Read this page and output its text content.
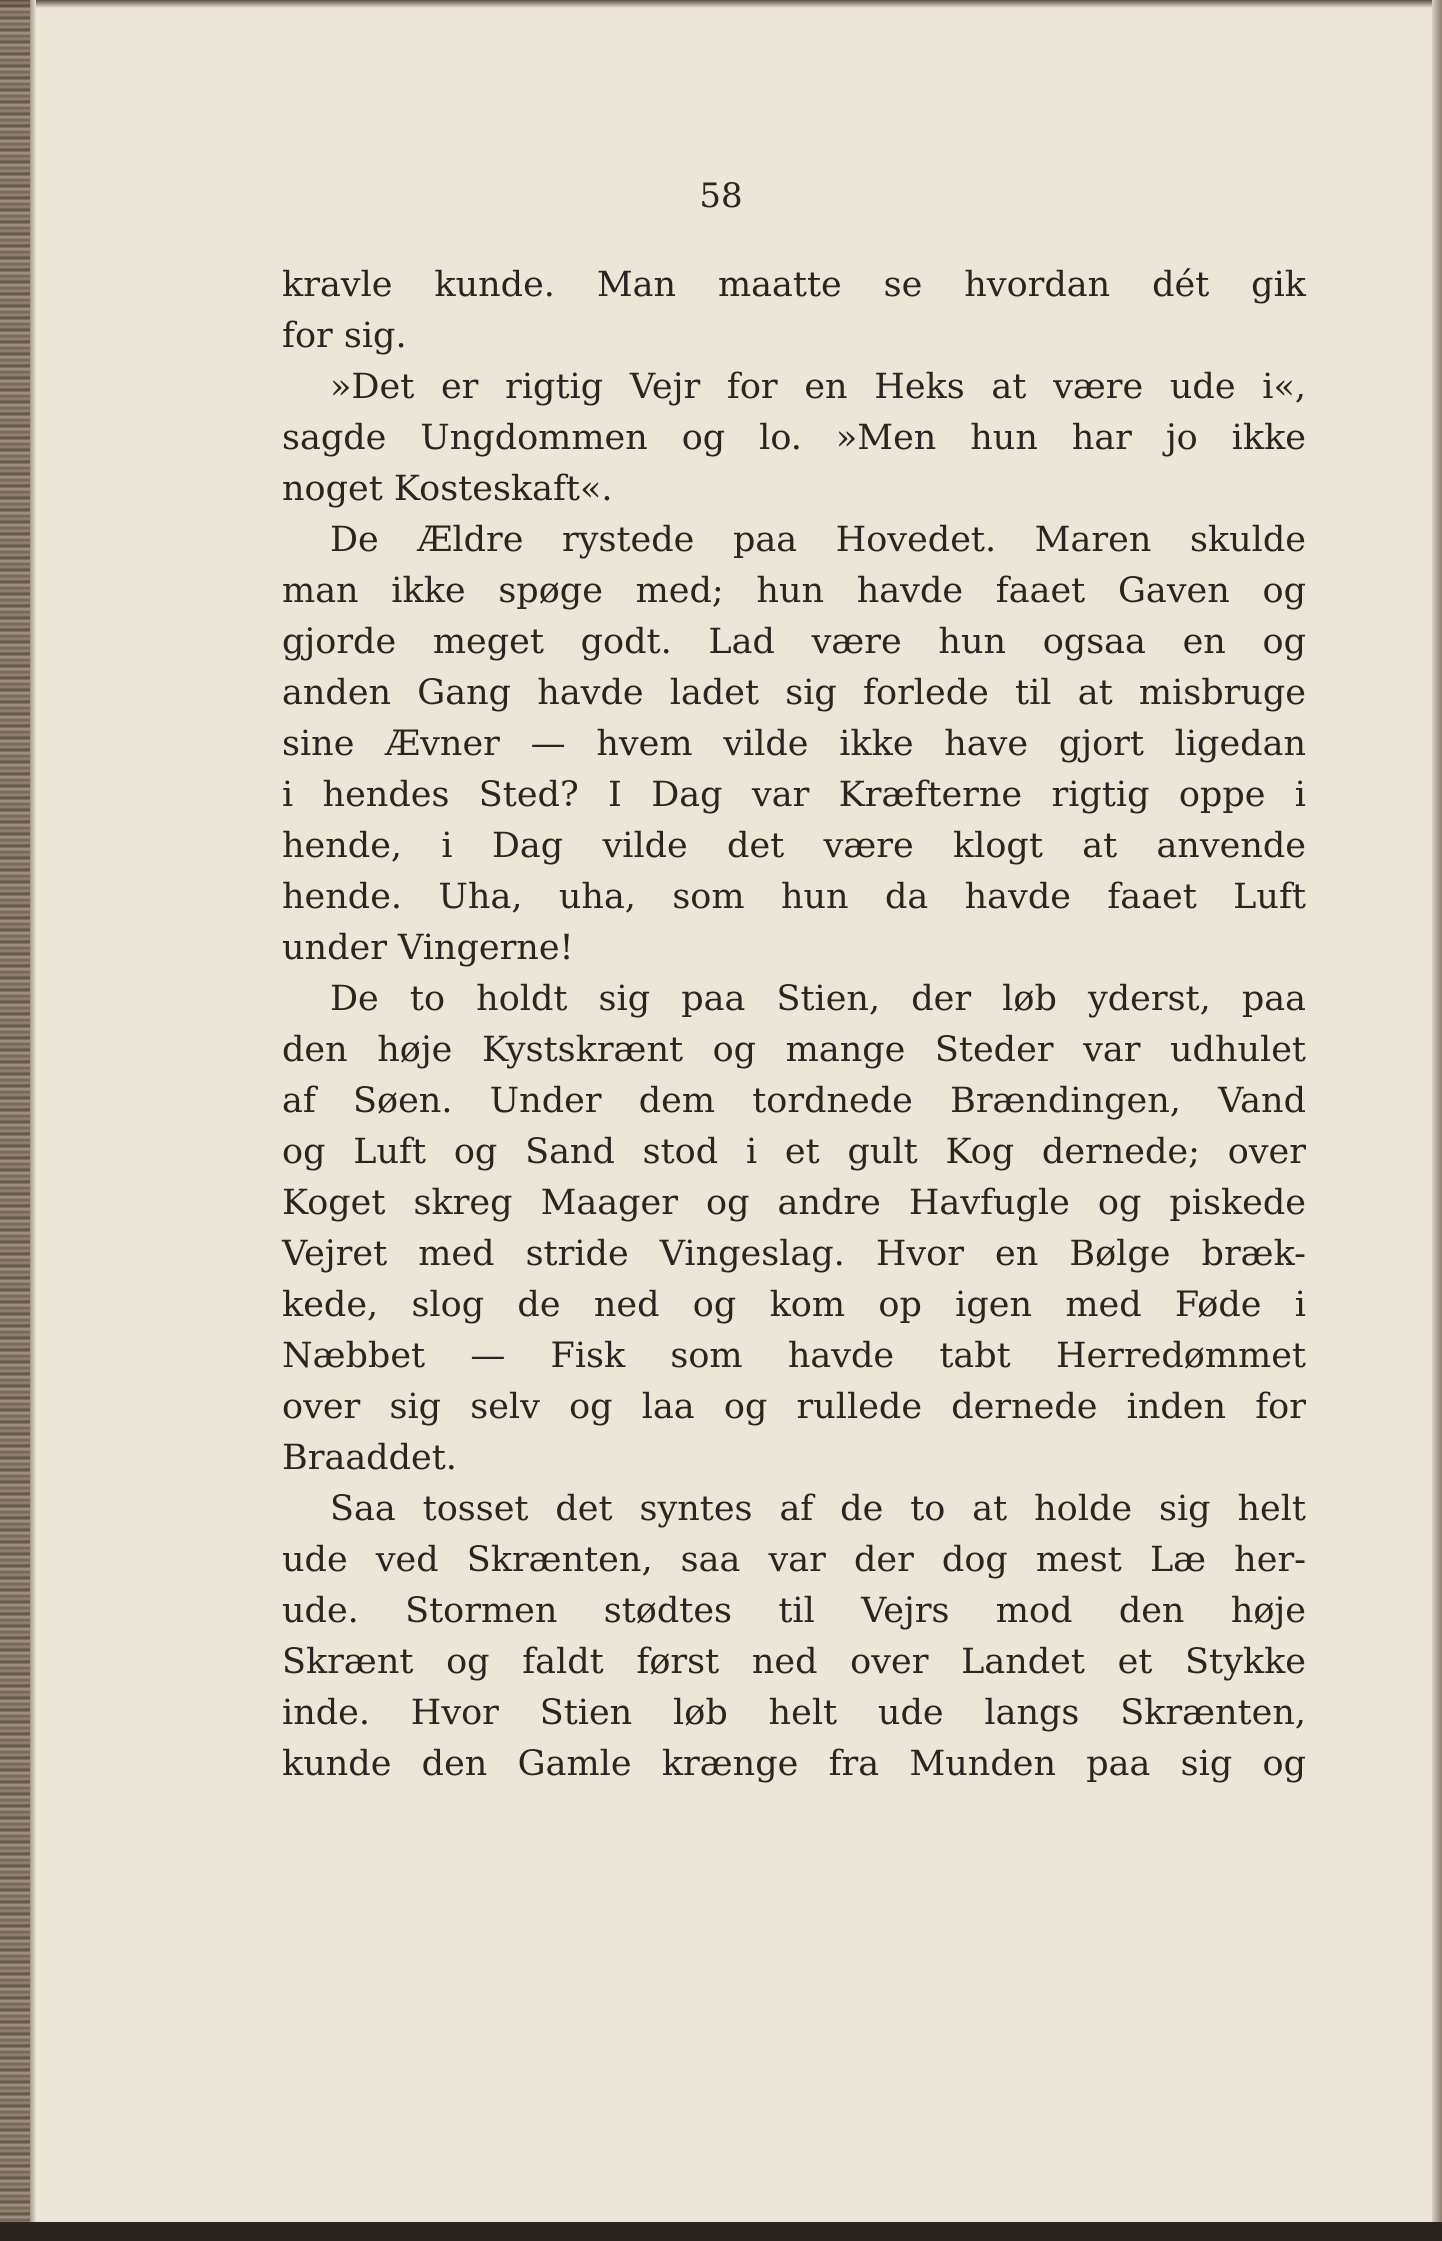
58
kravle kunde. Man maatte se hvordan dét gik
for sig.
»Det er rigtig Vejr for en Heks at være ude i«,
sagde Ungdommen og lo. »Men hun har jo ikke
noget Kosteskaft«.
De Ældre rystede paa Hovedet. Maren skulde
man ikke spøge med; hun havde faaet Gaven og
gjorde meget godt. Lad være hun ogsaa en og
anden Gang havde ladet sig forlede til at misbruge
sine Ævner — hvem vilde ikke have gjort ligedan
i hendes Sted? I Dag var Kræfterne rigtig oppe i
hende, i Dag vilde det være klogt at anvende
hende. Uha, uha, som hun da havde faaet Luft
under Vingerne!
De to holdt sig paa Stien, der løb yderst, paa
den høje Kystskrænt og mange Steder var udhulet
af Søen. Under dem tordnede Brændingen, Vand
og Luft og Sand stod i et gult Kog dernede; over
Koget skreg Maager og andre Havfugle og piskede
Vejret med stride Vingeslag. Hvor en Bølge bræk-
kede, slog de ned og kom op igen med Føde i
Næbbet — Fisk som havde tabt Herredømmet
over sig selv og laa og rullede dernede inden for
Braaddet.
Saa tosset det syntes af de to at holde sig helt
ude ved Skrænten, saa var der dog mest Læ her-
ude. Stormen stødtes til Vejrs mod den høje
Skrænt og faldt først ned over Landet et Stykke
inde. Hvor Stien løb helt ude langs Skrænten,
kunde den Gamle krænge fra Munden paa sig og
